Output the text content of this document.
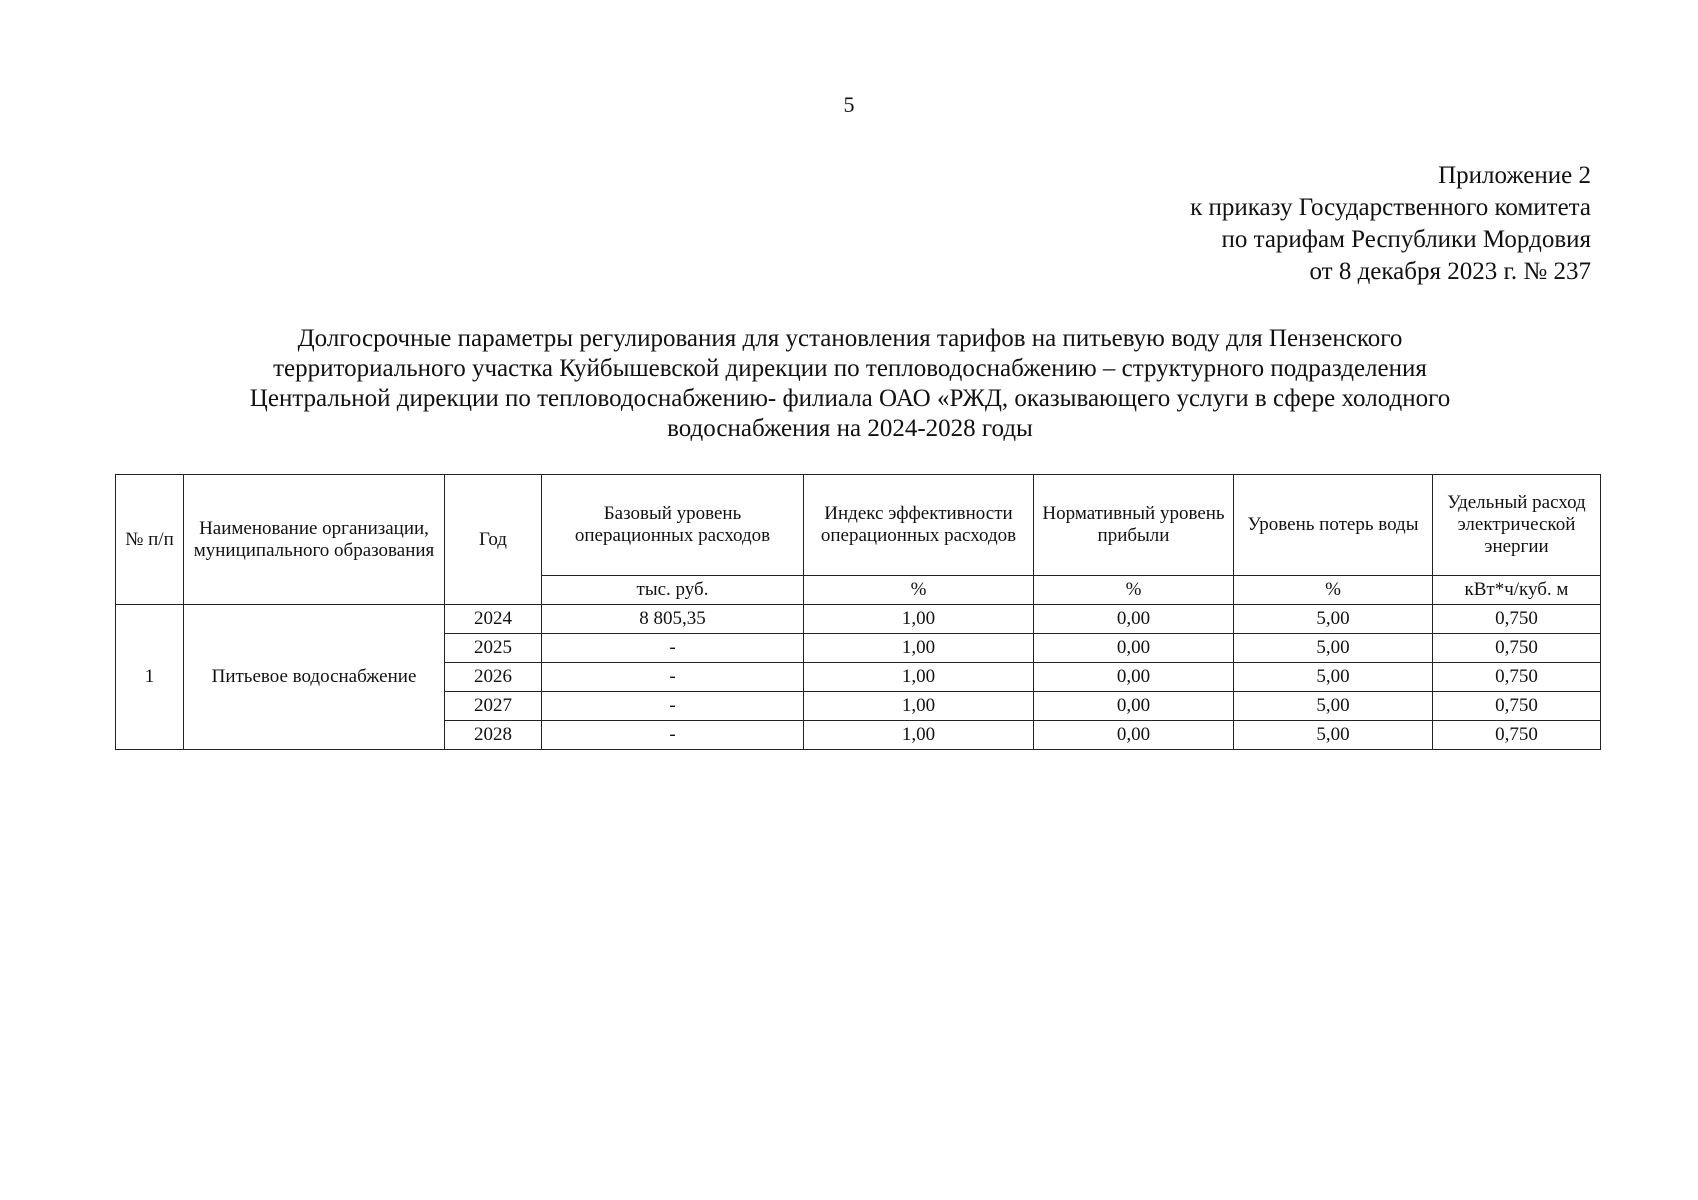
5
Приложение 2
к приказу Государственного комитета
по тарифам Республики Мордовия
от 8 декабря 2023 г. № 237
Долгосрочные параметры регулирования для установления тарифов на питьевую воду для Пензенского
территориального участка Куйбышевской дирекции по тепловодоснабжению – структурного подразделения
Центральной дирекции по тепловодоснабжению- филиала ОАО «РЖД, оказывающего услуги в сфере холодного
водоснабжения на 2024-2028 годы
№ п/п	Наименование организации, муниципального образования	Год	Базовый уровень операционных расходов	Индекс эффективности операционных расходов	Нормативный уровень прибыли	Уровень потерь воды	Удельный расход электрической энергии
			тыс. руб.	%	%	%	кВт*ч/куб. м
1	Питьевое водоснабжение	2024	8 805,35	1,00	0,00	5,00	0,750
		2025	-	1,00	0,00	5,00	0,750
		2026	-	1,00	0,00	5,00	0,750
		2027	-	1,00	0,00	5,00	0,750
		2028	-	1,00	0,00	5,00	0,750
